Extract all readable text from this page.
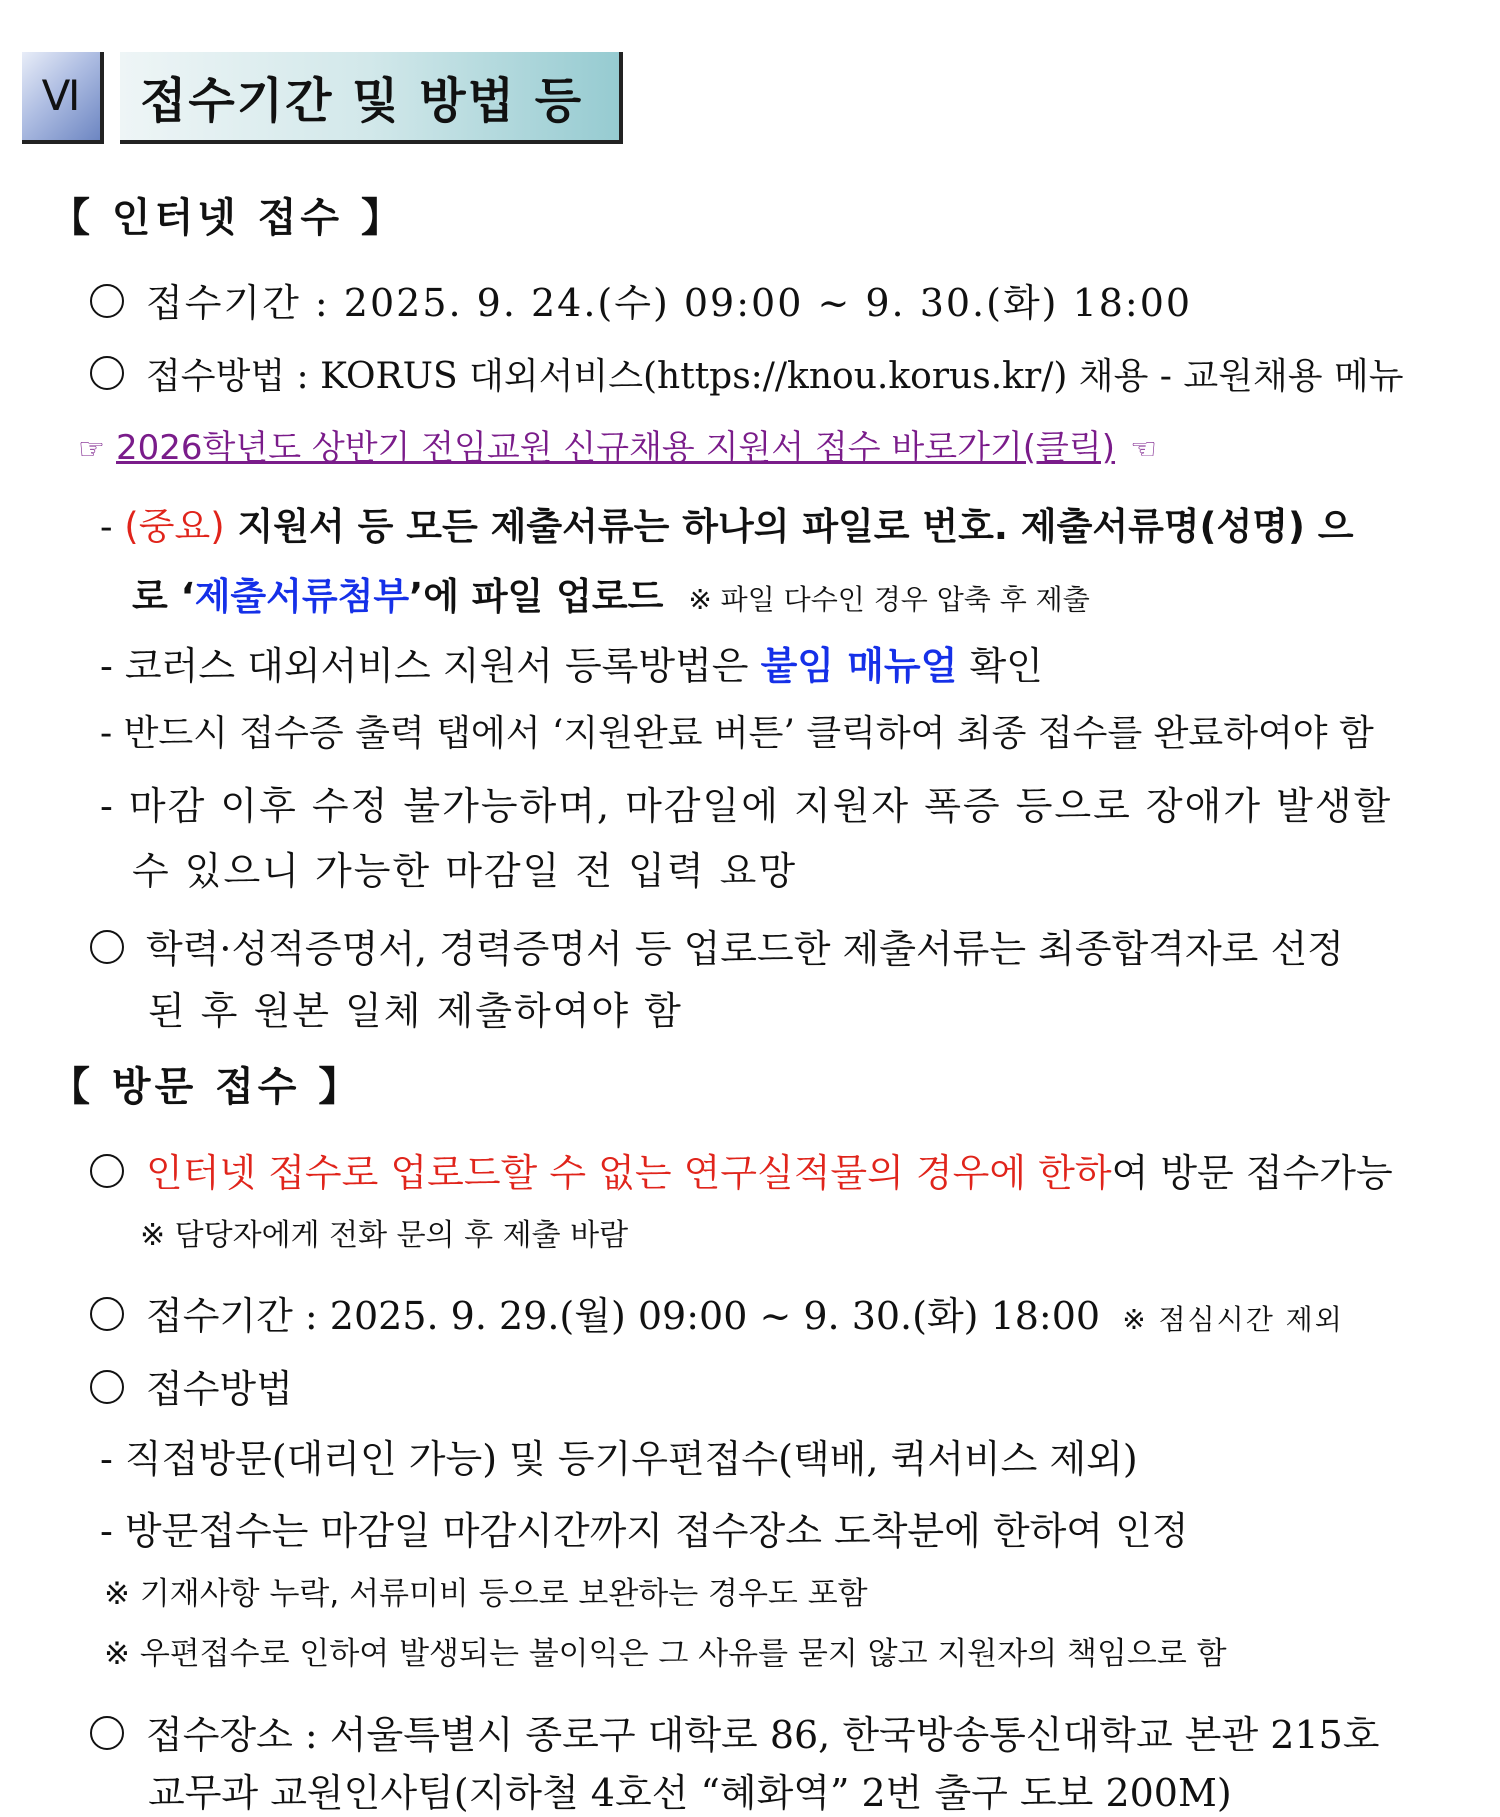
Ⅵ 접수기간 및 방법 등
【 인터넷 접수 】
접수기간 : 2025. 9. 24.(수) 09:00 ~ 9. 30.(화) 18:00
접수방법 : KORUS 대외서비스(https://knou.korus.kr/) 채용 - 교원채용 메뉴
☞ 2026학년도 상반기 전임교원 신규채용 지원서 접수 바로가기(클릭) ☜
- (중요) 지원서 등 모든 제출서류는 하나의 파일로 번호. 제출서류명(성명) 으
로 ‘제출서류첨부’에 파일 업로드 ※ 파일 다수인 경우 압축 후 제출
- 코러스 대외서비스 지원서 등록방법은 붙임 매뉴얼 확인
- 반드시 접수증 출력 탭에서 ‘지원완료 버튼’ 클릭하여 최종 접수를 완료하여야 함
- 마감 이후 수정 불가능하며, 마감일에 지원자 폭증 등으로 장애가 발생할
수 있으니 가능한 마감일 전 입력 요망
학력·성적증명서, 경력증명서 등 업로드한 제출서류는 최종합격자로 선정
된 후 원본 일체 제출하여야 함
【 방문 접수 】
인터넷 접수로 업로드할 수 없는 연구실적물의 경우에 한하여 방문 접수가능
※ 담당자에게 전화 문의 후 제출 바람
접수기간 : 2025. 9. 29.(월) 09:00 ~ 9. 30.(화) 18:00 ※ 점심시간 제외
접수방법
- 직접방문(대리인 가능) 및 등기우편접수(택배, 퀵서비스 제외)
- 방문접수는 마감일 마감시간까지 접수장소 도착분에 한하여 인정
※ 기재사항 누락, 서류미비 등으로 보완하는 경우도 포함
※ 우편접수로 인하여 발생되는 불이익은 그 사유를 묻지 않고 지원자의 책임으로 함
접수장소 : 서울특별시 종로구 대학로 86, 한국방송통신대학교 본관 215호
교무과 교원인사팀(지하철 4호선 “혜화역” 2번 출구 도보 200M)
